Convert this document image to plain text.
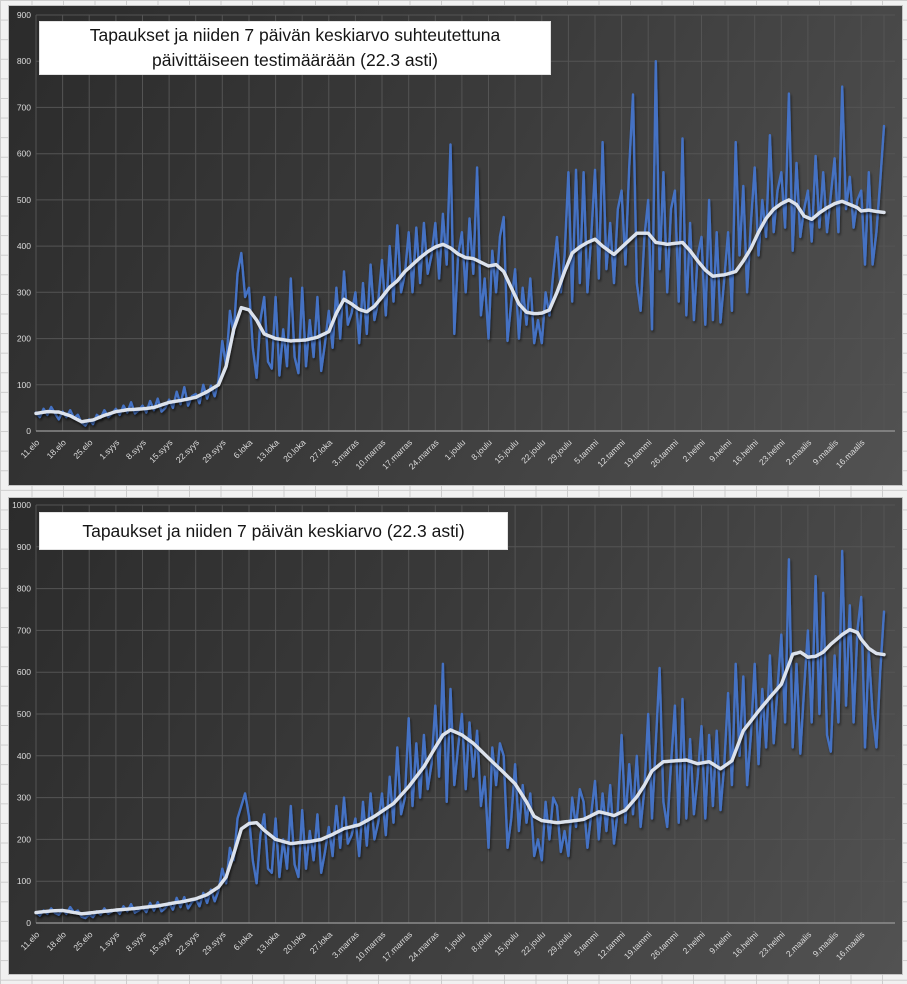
0
100
200
300
400
500
600
700
800
900
11.elo 18.elo 25.elo 1.syys 8.syys 15.syys 22.syys 29.syys 6.loka 13.loka 20.loka 27.loka
3.marras
10.marras
17.marras
24.marras 1.joulu 8.joulu
15.joulu
22.joulu
29.joulu
5.tammi
12.tammi
19.tammi
26.tammi 2.helmi 9.helmi
16.helmi
23.helmi
2.maalis
9.maalis
16.maalis
Tapaukset ja niiden 7 päivän keskiarvo suhteutettuna päivittäiseen testimäärään (22.3 asti)
0
100
200
300
400
500
600
700
800
900
1000
11.elo 18.elo 25.elo 1.syys 8.syys 15.syys 22.syys 29.syys 6.loka 13.loka 20.loka 27.loka
3.marras
10.marras
17.marras
24.marras 1.joulu 8.joulu
15.joulu
22.joulu
29.joulu
5.tammi
12.tammi
19.tammi
26.tammi 2.helmi 9.helmi
16.helmi
23.helmi
2.maalis
9.maalis
16.maalis
Tapaukset ja niiden 7 päivän keskiarvo (22.3 asti)
